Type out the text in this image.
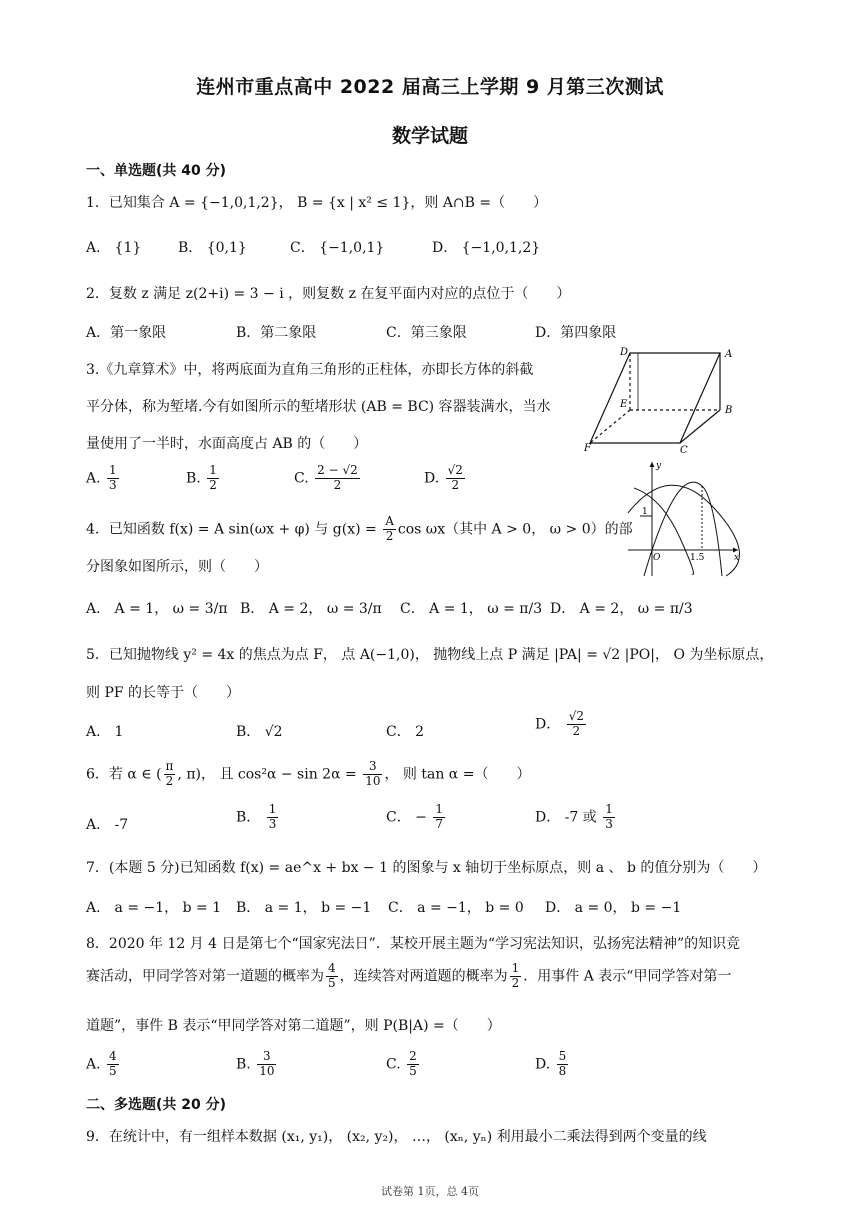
连州市重点高中 2022 届高三上学期 9 月第三次测试
数学试题
一、单选题(共 40 分)
1．已知集合 A = {−1,0,1,2}， B = {x | x² ≤ 1}，则 A∩B =（　　）
A． {1}	B． {0,1}	C． {−1,0,1}	D． {−1,0,1,2}
2．复数 z 满足 z(2+i) = 3 − i ，则复数 z 在复平面内对应的点位于（　　）
A．第一象限	B．第二象限	C．第三象限	D．第四象限
3.《九章算术》中，将两底面为直角三角形的正柱体，亦即长方体的斜截
平分体，称为堑堵.今有如图所示的堑堵形状 (AB = BC) 容器装满水，当水
量使用了一半时，水面高度占 AB 的（　　）
A. $\frac{1}{3}$	B. $\frac{1}{2}$	C. $\frac{2 - √2}{2}$	D. $\frac{√2}{2}$
D	A
E
B
F	C
y
1
O	1.5	x
4．已知函数 f(x) = A sin(ωx + φ) 与 $g(x) = \frac{A}{2}$ cos ωx（其中 A > 0， ω > 0）的部
分图象如图所示，则（　　）
A． A = 1， ω = 3/π B． A = 2， ω = 3/π C． A = 1， ω = π/3 D． A = 2， ω = π/3
5．已知抛物线 y² = 4x 的焦点为点 F， 点 A(−1,0)， 抛物线上点 P 满足 |PA| = √2 |PO|， O 为坐标原点，
则 PF 的长等于（　　）
A． 1	B． √2	C． 2	D． $\frac{√2}{2}$
6．若 α ∈ ( $\frac{\pi}{2}$ , π)， 且 $\cos^2\alpha - \sin 2\alpha = \frac{3}{10}$ ， 则 tan α =（　　）
A． -7	B． $\frac{1}{3}$	C． − $\frac{1}{7}$	D． -7 或 $\frac{1}{3}$
7．(本题 5 分)已知函数 f(x) = ae^x + bx − 1 的图象与 x 轴切于坐标原点，则 a 、 b 的值分别为（　　）
A． a = −1， b = 1 B． a = 1， b = −1 C． a = −1， b = 0 D． a = 0， b = −1
8．2020 年 12 月 4 日是第七个“国家宪法日”．某校开展主题为“学习宪法知识，弘扬宪法精神”的知识竞
赛活动，甲同学答对第一道题的概率为 $\frac{4}{5}$ ，连续答对两道题的概率为 $\frac{1}{2}$ ．用事件 A 表示“甲同学答对第一
道题”，事件 B 表示“甲同学答对第二道题”，则 P(B|A) =（　　）
A. $\frac{4}{5}$	B. $\frac{3}{10}$	C. $\frac{2}{5}$	D. $\frac{5}{8}$
二、多选题(共 20 分)
9．在统计中，有一组样本数据 (x₁, y₁)， (x₂, y₂)， …， (xₙ, yₙ) 利用最小二乘法得到两个变量的线
试卷第 1页，总 4页
